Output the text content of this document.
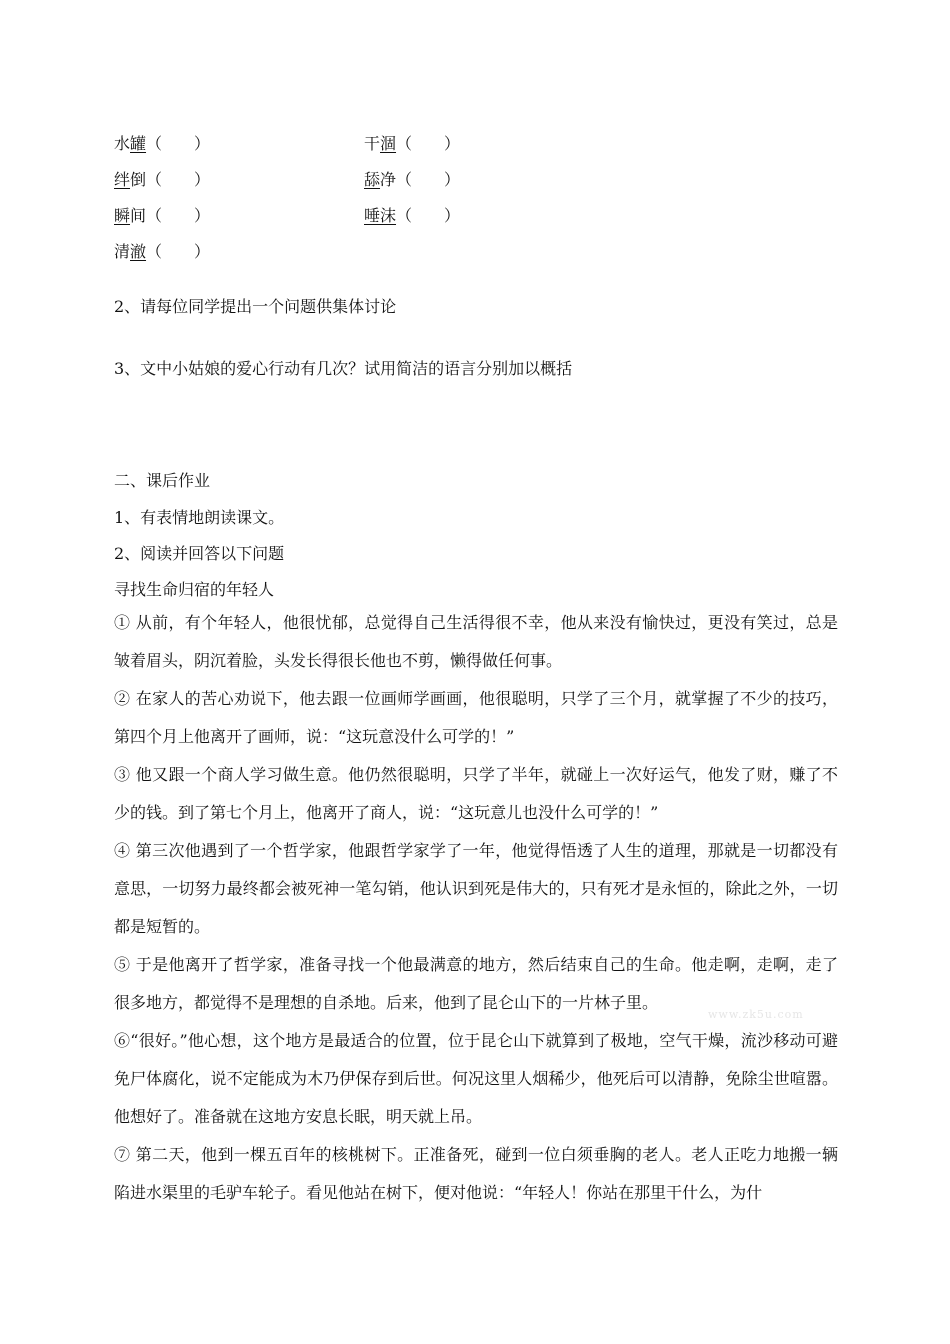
水罐（　　）	干涸（　　）
绊倒（　　）	舔净（　　）
瞬间（　　）	唾沫（　　）
清澈（　　）
2、请每位同学提出一个问题供集体讨论
3、文中小姑娘的爱心行动有几次？试用简洁的语言分别加以概括
二、课后作业
1、有表情地朗读课文。
2、阅读并回答以下问题
寻找生命归宿的年轻人
① 从前，有个年轻人，他很忧郁，总觉得自己生活得很不幸，他从来没有愉快过，更没有笑过，总是皱着眉头，阴沉着脸，头发长得很长他也不剪，懒得做任何事。
② 在家人的苦心劝说下，他去跟一位画师学画画，他很聪明，只学了三个月，就掌握了不少的技巧，第四个月上他离开了画师，说：“这玩意没什么可学的！”
③ 他又跟一个商人学习做生意。他仍然很聪明，只学了半年，就碰上一次好运气，他发了财，赚了不少的钱。到了第七个月上，他离开了商人，说：“这玩意儿也没什么可学的！”
④ 第三次他遇到了一个哲学家，他跟哲学家学了一年，他觉得悟透了人生的道理，那就是一切都没有意思，一切努力最终都会被死神一笔勾销，他认识到死是伟大的，只有死才是永恒的，除此之外，一切都是短暂的。
⑤ 于是他离开了哲学家，准备寻找一个他最满意的地方，然后结束自己的生命。他走啊，走啊，走了很多地方，都觉得不是理想的自杀地。后来，他到了昆仑山下的一片林子里。
⑥“很好。”他心想，这个地方是最适合的位置，位于昆仑山下就算到了极地，空气干燥，流沙移动可避免尸体腐化，说不定能成为木乃伊保存到后世。何况这里人烟稀少，他死后可以清静，免除尘世喧嚣。他想好了。准备就在这地方安息长眠，明天就上吊。
⑦ 第二天，他到一棵五百年的核桃树下。正准备死，碰到一位白须垂胸的老人。老人正吃力地搬一辆陷进水渠里的毛驴车轮子。看见他站在树下，便对他说：“年轻人！你站在那里干什么，为什
www.zk5u.com
